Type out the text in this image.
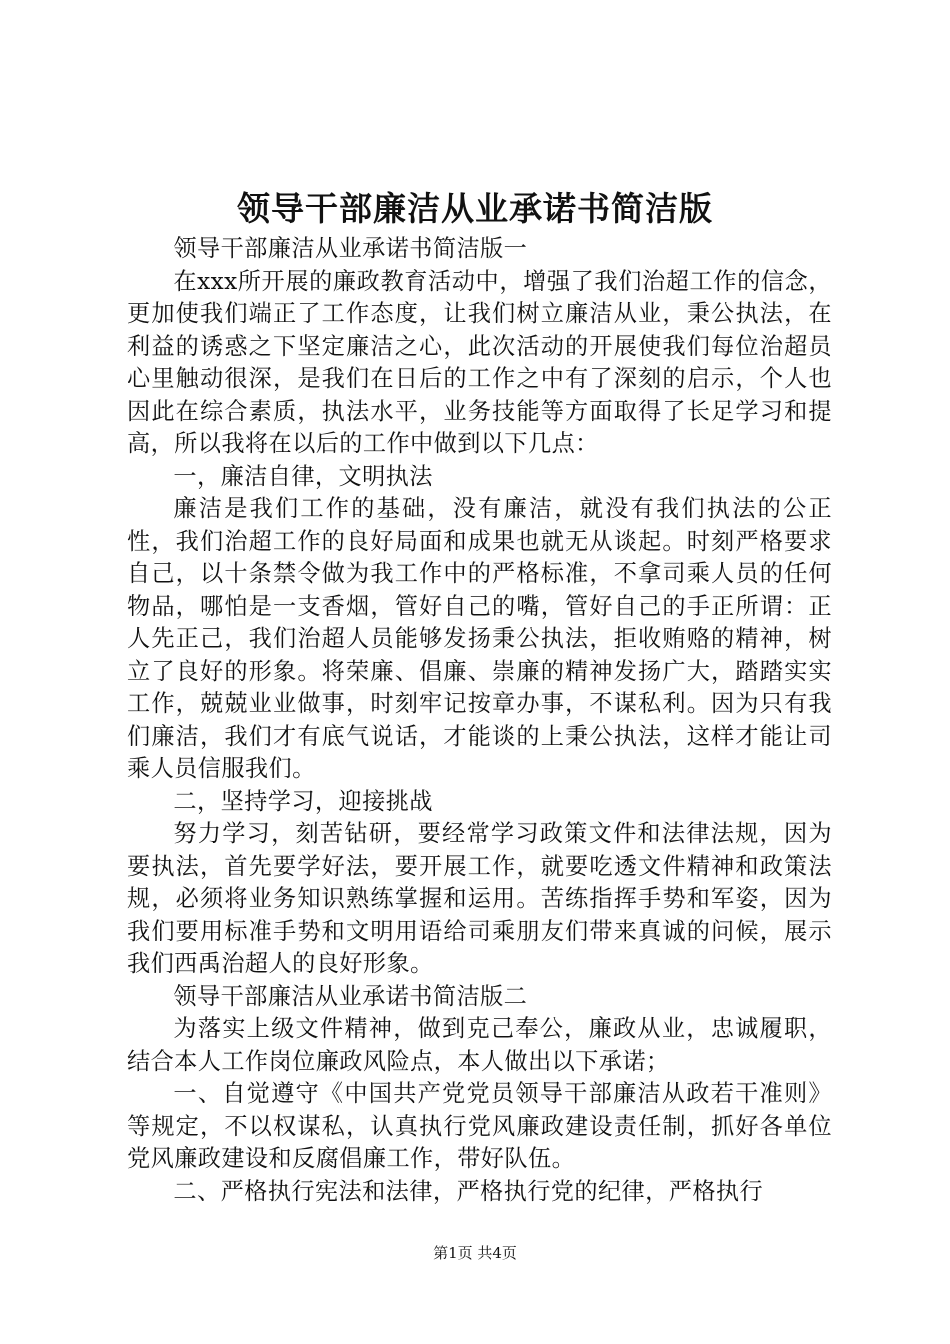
领导干部廉洁从业承诺书简洁版

领导干部廉洁从业承诺书简洁版一

在xxx所开展的廉政教育活动中，增强了我们治超工作的信念，更加使我们端正了工作态度，让我们树立廉洁从业，秉公执法，在利益的诱惑之下坚定廉洁之心，此次活动的开展使我们每位治超员心里触动很深，是我们在日后的工作之中有了深刻的启示，个人也因此在综合素质，执法水平，业务技能等方面取得了长足学习和提高，所以我将在以后的工作中做到以下几点：

一，廉洁自律，文明执法

廉洁是我们工作的基础，没有廉洁，就没有我们执法的公正性，我们治超工作的良好局面和成果也就无从谈起。时刻严格要求自己，以十条禁令做为我工作中的严格标准，不拿司乘人员的任何物品，哪怕是一支香烟，管好自己的嘴，管好自己的手正所谓：正人先正己，我们治超人员能够发扬秉公执法，拒收贿赂的精神，树立了良好的形象。将荣廉、倡廉、崇廉的精神发扬广大，踏踏实实工作，兢兢业业做事，时刻牢记按章办事，不谋私利。因为只有我们廉洁，我们才有底气说话，才能谈的上秉公执法，这样才能让司乘人员信服我们。

二，坚持学习，迎接挑战

努力学习，刻苦钻研，要经常学习政策文件和法律法规，因为要执法，首先要学好法，要开展工作，就要吃透文件精神和政策法规，必须将业务知识熟练掌握和运用。苦练指挥手势和军姿，因为我们要用标准手势和文明用语给司乘朋友们带来真诚的问候，展示我们西禹治超人的良好形象。

领导干部廉洁从业承诺书简洁版二

为落实上级文件精神，做到克己奉公，廉政从业，忠诚履职，结合本人工作岗位廉政风险点，本人做出以下承诺；

一、自觉遵守《中国共产党党员领导干部廉洁从政若干准则》等规定，不以权谋私，认真执行党风廉政建设责任制，抓好各单位党风廉政建设和反腐倡廉工作，带好队伍。

二、严格执行宪法和法律，严格执行党的纪律，严格执行

第1页 共4页
